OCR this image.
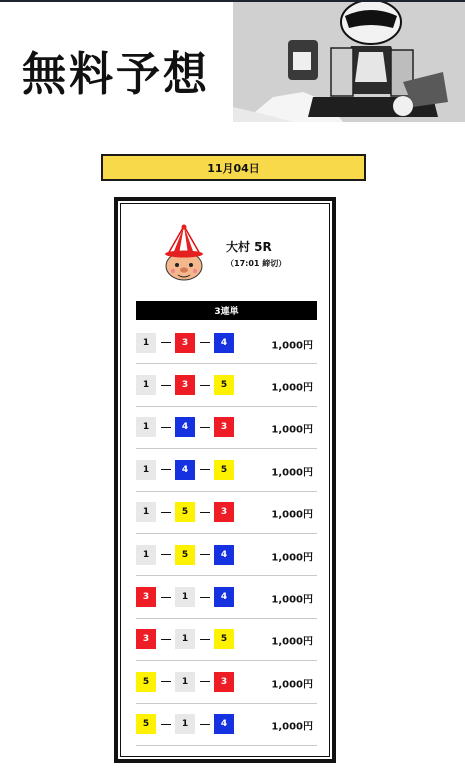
無料予想
11月04日
大村 5R
（17:01 締切）
3連単
1	3	4	1,000円
1	3	5	1,000円
1	4	3	1,000円
1	4	5	1,000円
1	5	3	1,000円
1	5	4	1,000円
3	1	4	1,000円
3	1	5	1,000円
5	1	3	1,000円
5	1	4	1,000円
